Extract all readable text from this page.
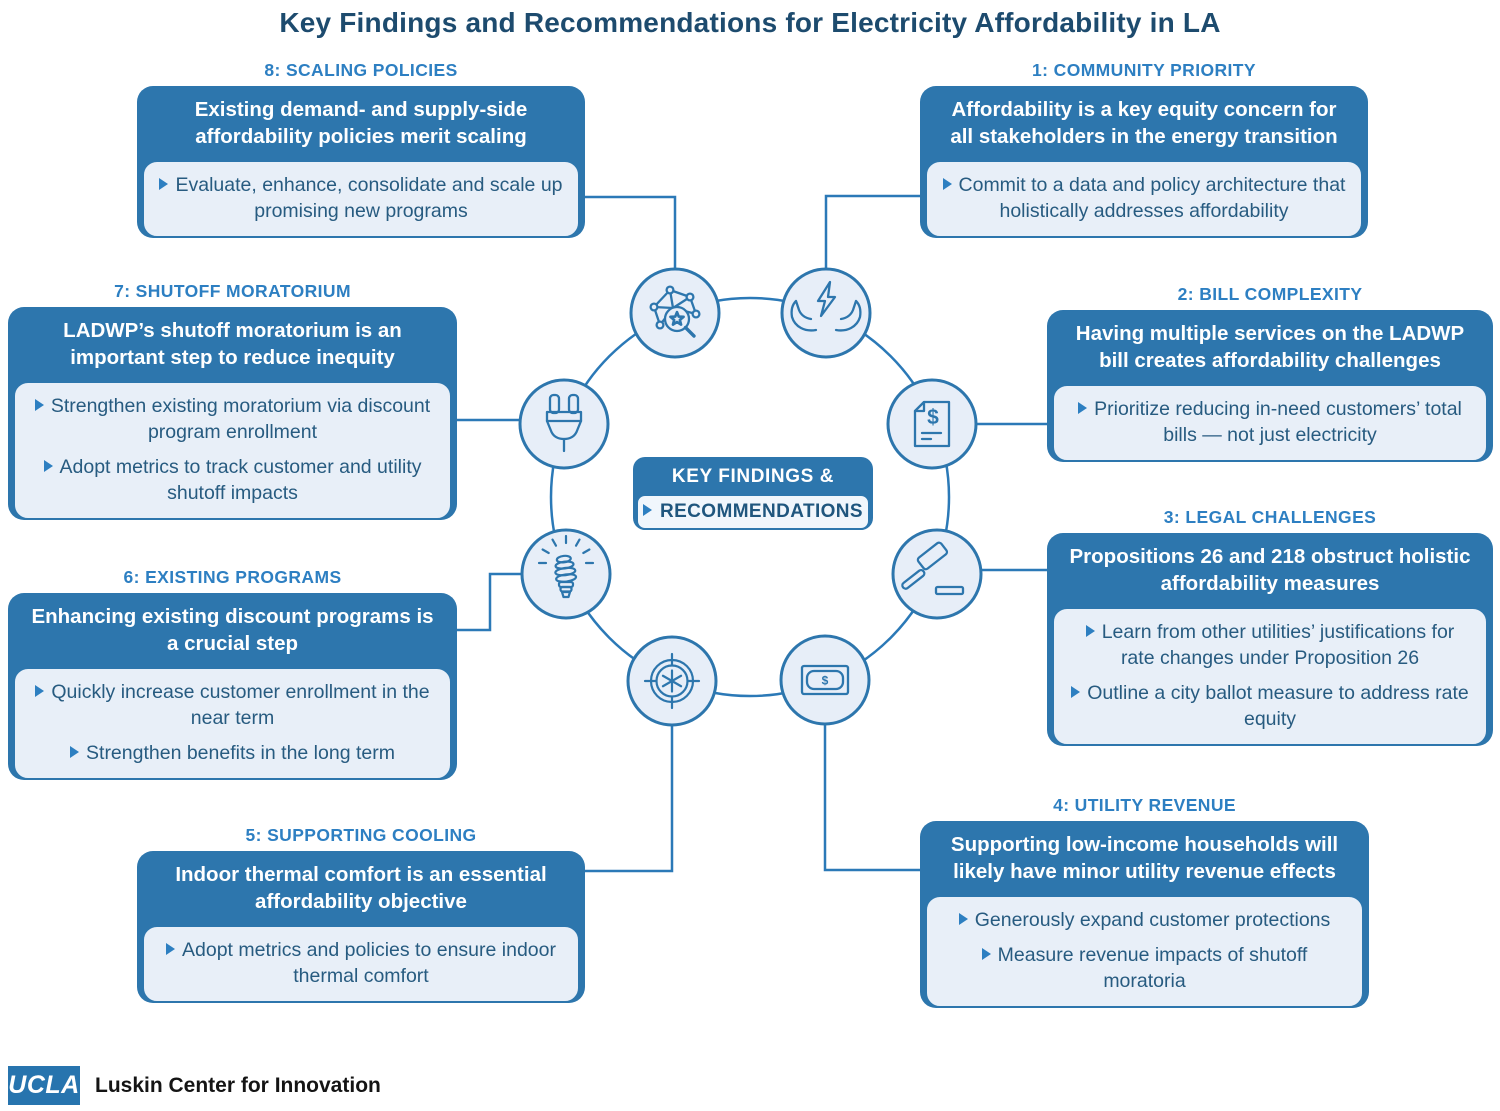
Key Findings and Recommendations for Electricity Affordability in LA
$
$
8: SCALING POLICIES
Existing demand- and supply-side affordability policies merit scaling
Evaluate, enhance, consolidate and scale up promising new programs
1: COMMUNITY PRIORITY
Affordability is a key equity concern for all stakeholders in the energy transition
Commit to a data and policy architecture that holistically addresses affordability
7: SHUTOFF MORATORIUM
LADWP’s shutoff moratorium is an important step to reduce inequity
Strengthen existing moratorium via discount program enrollment
Adopt metrics to track customer and utility shutoff impacts
2: BILL COMPLEXITY
Having multiple services on the LADWP bill creates affordability challenges
Prioritize reducing in-need customers’ total bills — not just electricity
6: EXISTING PROGRAMS
Enhancing existing discount programs is a crucial step
Quickly increase customer enrollment in the near term
Strengthen benefits in the long term
3: LEGAL CHALLENGES
Propositions 26 and 218 obstruct holistic affordability measures
Learn from other utilities’ justifications for rate changes under Proposition 26
Outline a city ballot measure to address rate equity
5: SUPPORTING COOLING
Indoor thermal comfort is an essential affordability objective
Adopt metrics and policies to ensure indoor thermal comfort
4: UTILITY REVENUE
Supporting low-income households will likely have minor utility revenue effects
Generously expand customer protections
Measure revenue impacts of shutoff moratoria
KEY FINDINGS &
RECOMMENDATIONS
UCLA Luskin Center for Innovation
